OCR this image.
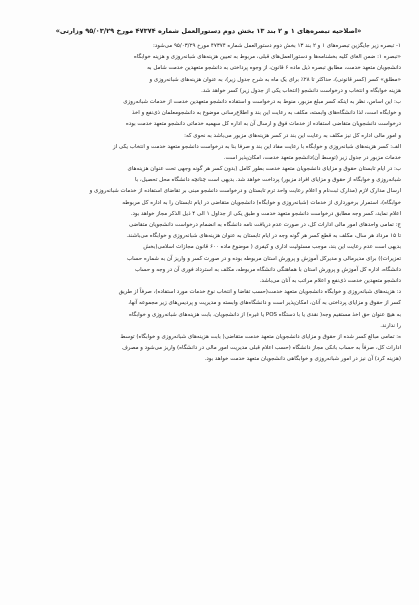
«اصلاحیه تبصره‌های ۱ و ۲ بند ۱۳ بخش دوم دستورالعمل شماره ۴۷۳۷۴ مورخ ۹۵/۰۳/۲۹ وزارتی»
۱- تبصره زیر جایگزین تبصره‌های ۱ و ۲ بند ۱۳ بخش دوم دستورالعمل شماره ۴۷۳۷۴ مورخ ۹۵/۰۳/۲۹ می‌شود:
«تبصره ۱: ضمن الغای کلیه بخشنامه‌ها و دستورالعمل‌های قبلی، مربوط به تعیین هزینه‌های شبانه‌روزی و هزینه خوابگاه
دانشجویان متعهد خدمت، مطابق تبصره ذیل ماده ۶ قانون، از وجوه پرداختی به دانشجو متعهدین خدمت شامل به
«مطلق» کسر (کسر قانونی)، حداکثر تا ۲۸٪ برای یک ماه به شرح جدول زیر)، به عنوان هزینه‌های شبانه‌روزی و
هزینه خوابگاه و انتخاب و درخواست دانشجو (انتخاب یکی از جدول زیر) کسر خواهد شد.
ب: این اساس، نظر به اینکه کسر مبلغ مزبور، منوط به درخواست و استفاده دانشجو متعهدین خدمت از خدمات شبانه‌روزی
و خوابگاه است، لذا دانشگاه‌های وابسته، مکلف به رعایت این بند و اطلاع‌رسانی موضوع به دانشجو‌معلمان ذی‌نفع و اخذ
درخواست دانشجویان متقاضی استفاده از خدمات فوق و ارسال آن به اداره کل سهمیه خدماتی دانشجو متعهد خدمت بوده
و امور مالی اداره کل نیز مکلف به رعایت این بند در کسر هزینه‌های مزبور می‌باشد به نحوی که:
الف: کسر هزینه‌های شبانه‌روزی و خوابگاه با رعایت مفاد این بند و صرفا بنا به درخواست دانشجو متعهد خدمت و انتخاب یکی از
خدمات مزبور در جدول زیر (توسط آن)دانشجو متعهد خدمت، امکان‌پذیر است.
ب: در ایام تابستان حقوق و مزایای دانشجویان متعهد خدمت بطور کامل (بدون کسر هر گونه وجهی تحت عنوان هزینه‌های
شبانه‌روزی و خوابگاه از حقوق و مزایای افراد مزبور) پرداخت خواهد شد. بدیهی است چنانچه دانشگاه محل تحصیل، با
ارسال مدارک لازم (مدارک ثبت‌نام و اعلام رعایت واحد ترم تابستان و درخواست دانشجو مبنی بر تقاضای استفاده از خدمات شبانه‌روزی و
خوابگاه)، استمرار برخورداری از خدمات (شبانه‌روزی و خوابگاه) دانشجویان متقاضی در ایام تابستان را به اداره کل مربوطه
اعلام نماید، کسر وجه مطابق درخواست دانشجو متعهد خدمت و طبق یکی از جداول ۱ الی ۴ ذیل الذکر مجاز خواهد بود.
ج: تمامی واحدهای امور مالی ادارات کل، در صورت عدم دریافت نامه دانشگاه به انضمام درخواست دانشجویان متقاضی
تا ۱۵ مرداد هر سال، مکلف به قطع کسر هر گونه وجه در ایام تابستان به عنوان هزینه‌های شبانه‌روزی و خوابگاه می‌باشند.
بدیهی است عدم رعایت این بند، موجب مسئولیت اداری و کیفری ( موضوع ماده ۶۰۰ قانون مجازات اسلامی(بخش
تعزیرات)) برای مدیرمالی و مدیرکل آموزش و پرورش استان مربوطه بوده و در صورت کسر و واریز آن به شماره حساب
دانشگاه، اداره کل آموزش و پرورش استان با هماهنگی دانشگاه مربوطه، مکلف به استرداد فوری آن در وجه و حساب
دانشجو متعهدین خدمت ذی‌نفع و اعلام مراتب به آنان می‌باشد.
د: هزینه‌های شبانه‌روزی و خوابگاه دانشجویان متعهد خدمت(حسب تقاضا و انتخاب نوع خدمات مورد استفاده)، صرفاً از طریق
کسر از حقوق و مزایای پرداختی به آنان، امکان‌پذیر است و دانشگاه‌های وابسته و مدیریت و پردیس‌های زیر مجموعه آنها،
به هیچ عنوان حق اخذ مستقیم وجه( نقدی یا با دستگاه POS یا غیره) از دانشجویان، بابت هزینه‌های شبانه‌روزی و خوابگاه
را ندارند.
ه: تمامی مبالغ کسر شده از حقوق و مزایای دانشجویان متعهد خدمت متقاضی( بابت هزینه‌های شبانه‌روزی و خوابگاه) توسط
ادارات کل، صرفاً به حساب بانکی مجاز دانشگاه (حسب اعلام قبلی مدیریت امور مالی در دانشگاه) واریز می‌شود و مصرف
(هزینه کرد) آن نیز در امور شبانه‌روزی و خوابگاهی دانشجویان متعهد خدمت خواهد بود.
